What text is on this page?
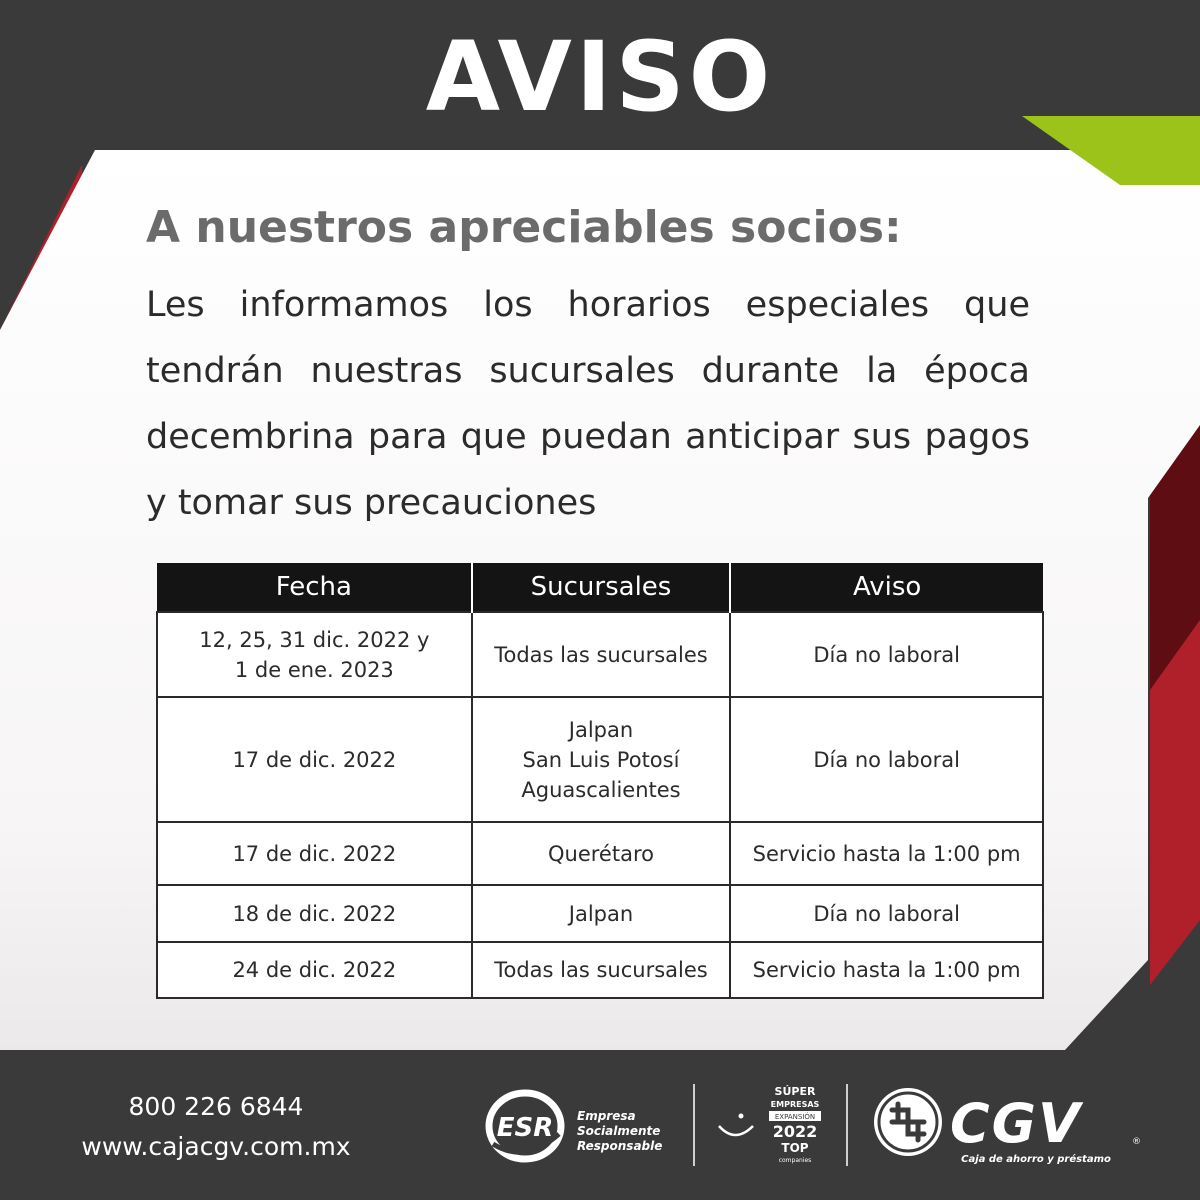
AVISO
A nuestros apreciables socios:
Les informamos los horarios especiales que tendrán nuestras sucursales durante la época decembrina para que puedan anticipar sus pagos y tomar sus precauciones
Fecha	Sucursales	Aviso

12, 25, 31 dic. 2022 y
1 de ene. 2023	Todas las sucursales	Día no laboral

17 de dic. 2022	Jalpan
San Luis Potosí
Aguascalientes	Día no laboral

17 de dic. 2022	Querétaro	Servicio hasta la 1:00 pm

18 de dic. 2022	Jalpan	Día no laboral

24 de dic. 2022	Todas las sucursales	Servicio hasta la 1:00 pm
800 226 6844
www.cajacgv.com.mx
ESR Empresa
Socialmente
Responsable
SÚPER
EMPRESAS
EXPANSIÓN
2022
TOP
companies
CGV	®
Caja de ahorro y préstamo
